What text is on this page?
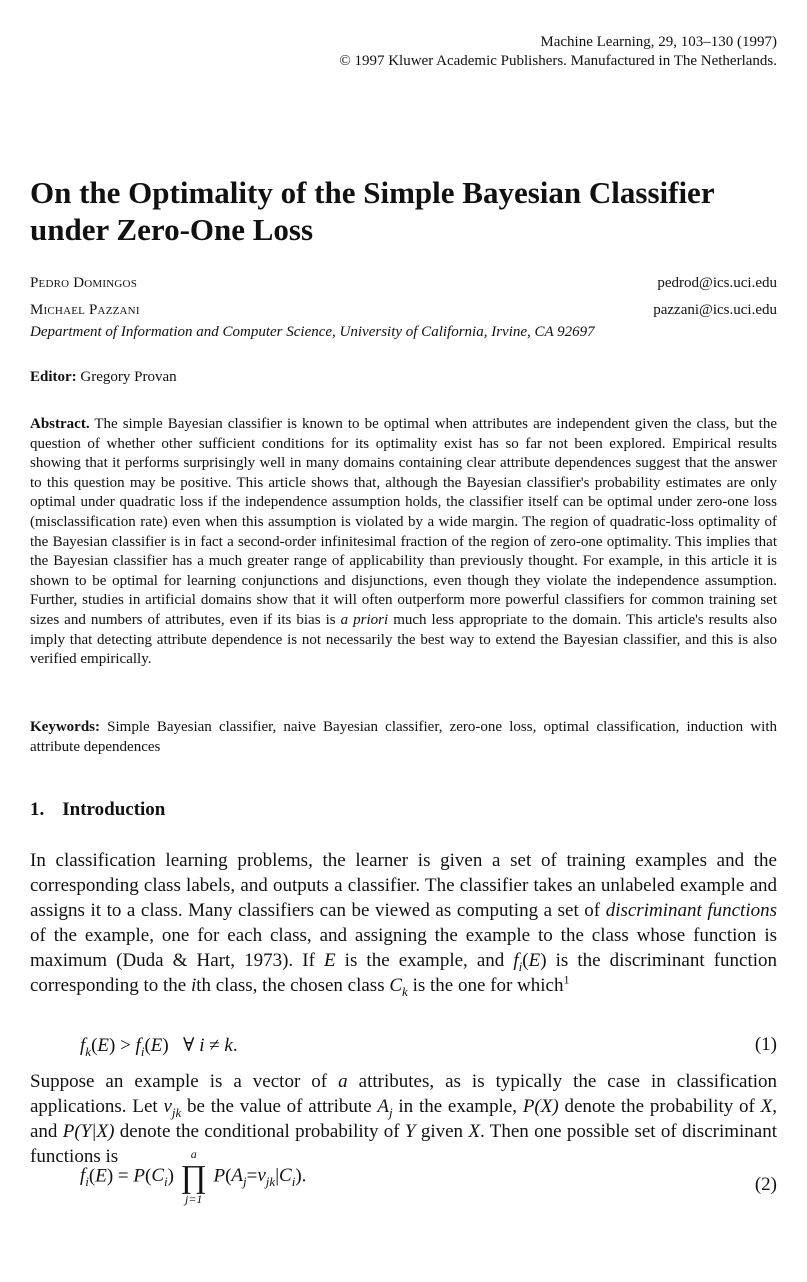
Machine Learning, 29, 103–130 (1997)
© 1997 Kluwer Academic Publishers. Manufactured in The Netherlands.
On the Optimality of the Simple Bayesian Classifier
under Zero-One Loss
Pedro Domingos	pedrod@ics.uci.edu
Michael Pazzani	pazzani@ics.uci.edu
Department of Information and Computer Science, University of California, Irvine, CA 92697
Editor: Gregory Provan
Abstract. The simple Bayesian classifier is known to be optimal when attributes are independent given the class, but the question of whether other sufficient conditions for its optimality exist has so far not been explored. Empirical results showing that it performs surprisingly well in many domains containing clear attribute dependences suggest that the answer to this question may be positive. This article shows that, although the Bayesian classifier's probability estimates are only optimal under quadratic loss if the independence assumption holds, the classifier itself can be optimal under zero-one loss (misclassification rate) even when this assumption is violated by a wide margin. The region of quadratic-loss optimality of the Bayesian classifier is in fact a second-order infinitesimal fraction of the region of zero-one optimality. This implies that the Bayesian classifier has a much greater range of applicability than previously thought. For example, in this article it is shown to be optimal for learning conjunctions and disjunctions, even though they violate the independence assumption. Further, studies in artificial domains show that it will often outperform more powerful classifiers for common training set sizes and numbers of attributes, even if its bias is a priori much less appropriate to the domain. This article's results also imply that detecting attribute dependence is not necessarily the best way to extend the Bayesian classifier, and this is also verified empirically.
Keywords: Simple Bayesian classifier, naive Bayesian classifier, zero-one loss, optimal classification, induction with attribute dependences
1. Introduction
In classification learning problems, the learner is given a set of training examples and the corresponding class labels, and outputs a classifier. The classifier takes an unlabeled example and assigns it to a class. Many classifiers can be viewed as computing a set of discriminant functions of the example, one for each class, and assigning the example to the class whose function is maximum (Duda & Hart, 1973). If E is the example, and $f_i(E)$ is the discriminant function corresponding to the ith class, the chosen class $C_k$ is the one for which$^1$
$f_k(E) > f_i(E)$   ∀ i ≠ k.	(1)
Suppose an example is a vector of a attributes, as is typically the case in classification applications. Let $v_{jk}$ be the value of attribute $A_j$ in the example, P(X) denote the probability of X, and P(Y|X) denote the conditional probability of Y given X. Then one possible set of discriminant functions is
$f_i(E) = P(C_i)$
a
∏
j=1
$P(A_j=v_{jk}|C_i)$.	(2)
